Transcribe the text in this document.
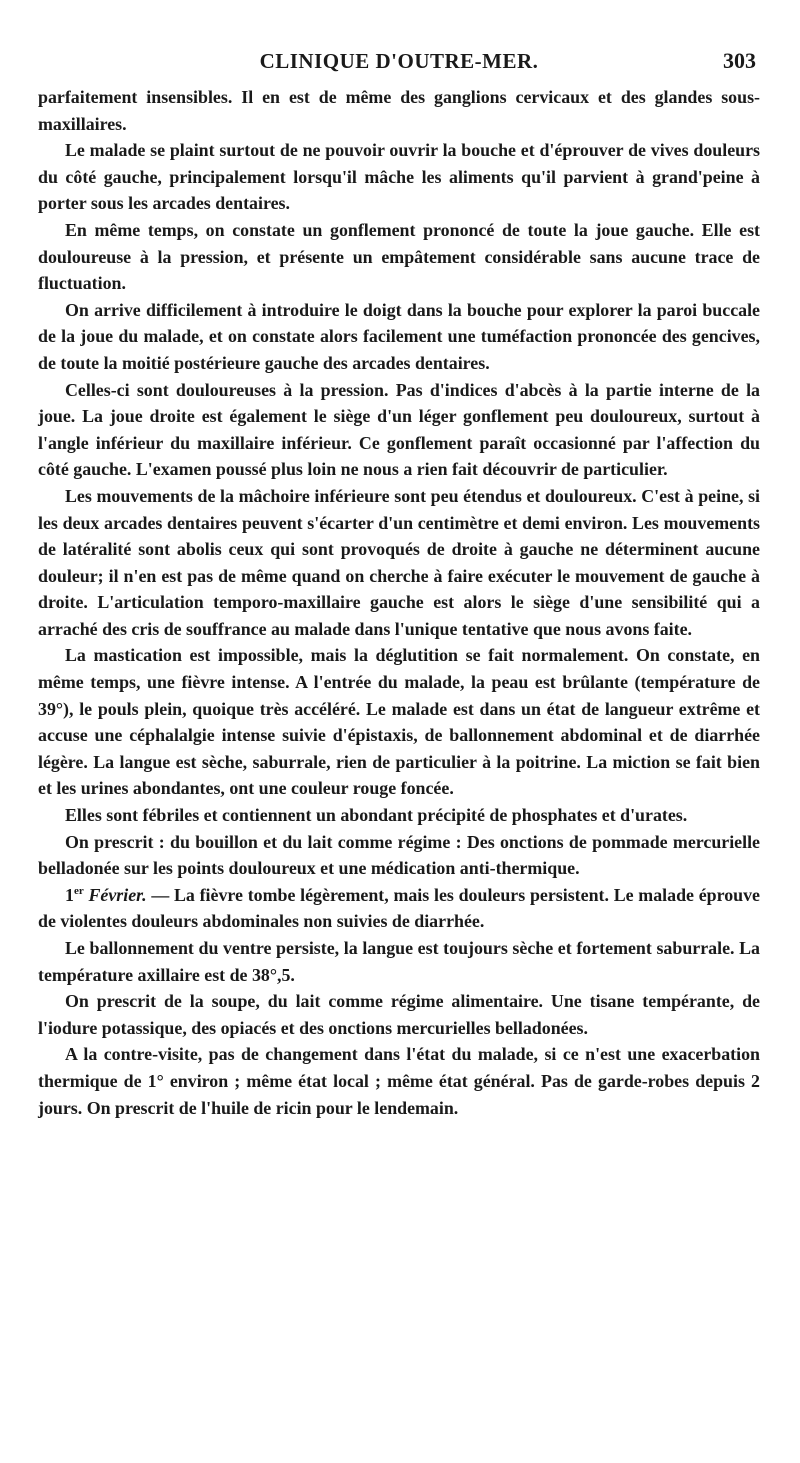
CLINIQUE D'OUTRE-MER.	303

parfaitement insensibles. Il en est de même des ganglions cervicaux et des glandes sous-maxillaires.

Le malade se plaint surtout de ne pouvoir ouvrir la bouche et d'éprouver de vives douleurs du côté gauche, principalement lorsqu'il mâche les aliments qu'il parvient à grand'peine à porter sous les arcades dentaires.

En même temps, on constate un gonflement prononcé de toute la joue gauche. Elle est douloureuse à la pression, et présente un empâtement considérable sans aucune trace de fluctuation.

On arrive difficilement à introduire le doigt dans la bouche pour explorer la paroi buccale de la joue du malade, et on constate alors facilement une tuméfaction prononcée des gencives, de toute la moitié postérieure gauche des arcades dentaires.

Celles-ci sont douloureuses à la pression. Pas d'indices d'abcès à la partie interne de la joue. La joue droite est également le siège d'un léger gonflement peu douloureux, surtout à l'angle inférieur du maxillaire inférieur. Ce gonflement paraît occasionné par l'affection du côté gauche. L'examen poussé plus loin ne nous a rien fait découvrir de particulier.

Les mouvements de la mâchoire inférieure sont peu étendus et douloureux. C'est à peine, si les deux arcades dentaires peuvent s'écarter d'un centimètre et demi environ. Les mouvements de latéralité sont abolis ceux qui sont provoqués de droite à gauche ne déterminent aucune douleur; il n'en est pas de même quand on cherche à faire exécuter le mouvement de gauche à droite. L'articulation temporo-maxillaire gauche est alors le siège d'une sensibilité qui a arraché des cris de souffrance au malade dans l'unique tentative que nous avons faite.

La mastication est impossible, mais la déglutition se fait normalement. On constate, en même temps, une fièvre intense. A l'entrée du malade, la peau est brûlante (température de 39°), le pouls plein, quoique très accéléré. Le malade est dans un état de langueur extrême et accuse une céphalalgie intense suivie d'épistaxis, de ballonnement abdominal et de diarrhée légère. La langue est sèche, saburrale, rien de particulier à la poitrine. La miction se fait bien et les urines abondantes, ont une couleur rouge foncée.

Elles sont fébriles et contiennent un abondant précipité de phosphates et d'urates.

On prescrit : du bouillon et du lait comme régime : Des onctions de pommade mercurielle belladonée sur les points douloureux et une médication anti-thermique.

1er Février. — La fièvre tombe légèrement, mais les douleurs persistent. Le malade éprouve de violentes douleurs abdominales non suivies de diarrhée.

Le ballonnement du ventre persiste, la langue est toujours sèche et fortement saburrale. La température axillaire est de 38°,5.

On prescrit de la soupe, du lait comme régime alimentaire. Une tisane tempérante, de l'iodure potassique, des opiacés et des onctions mercurielles belladonées.

A la contre-visite, pas de changement dans l'état du malade, si ce n'est une exacerbation thermique de 1° environ ; même état local ; même état général. Pas de garde-robes depuis 2 jours. On prescrit de l'huile de ricin pour le lendemain.
